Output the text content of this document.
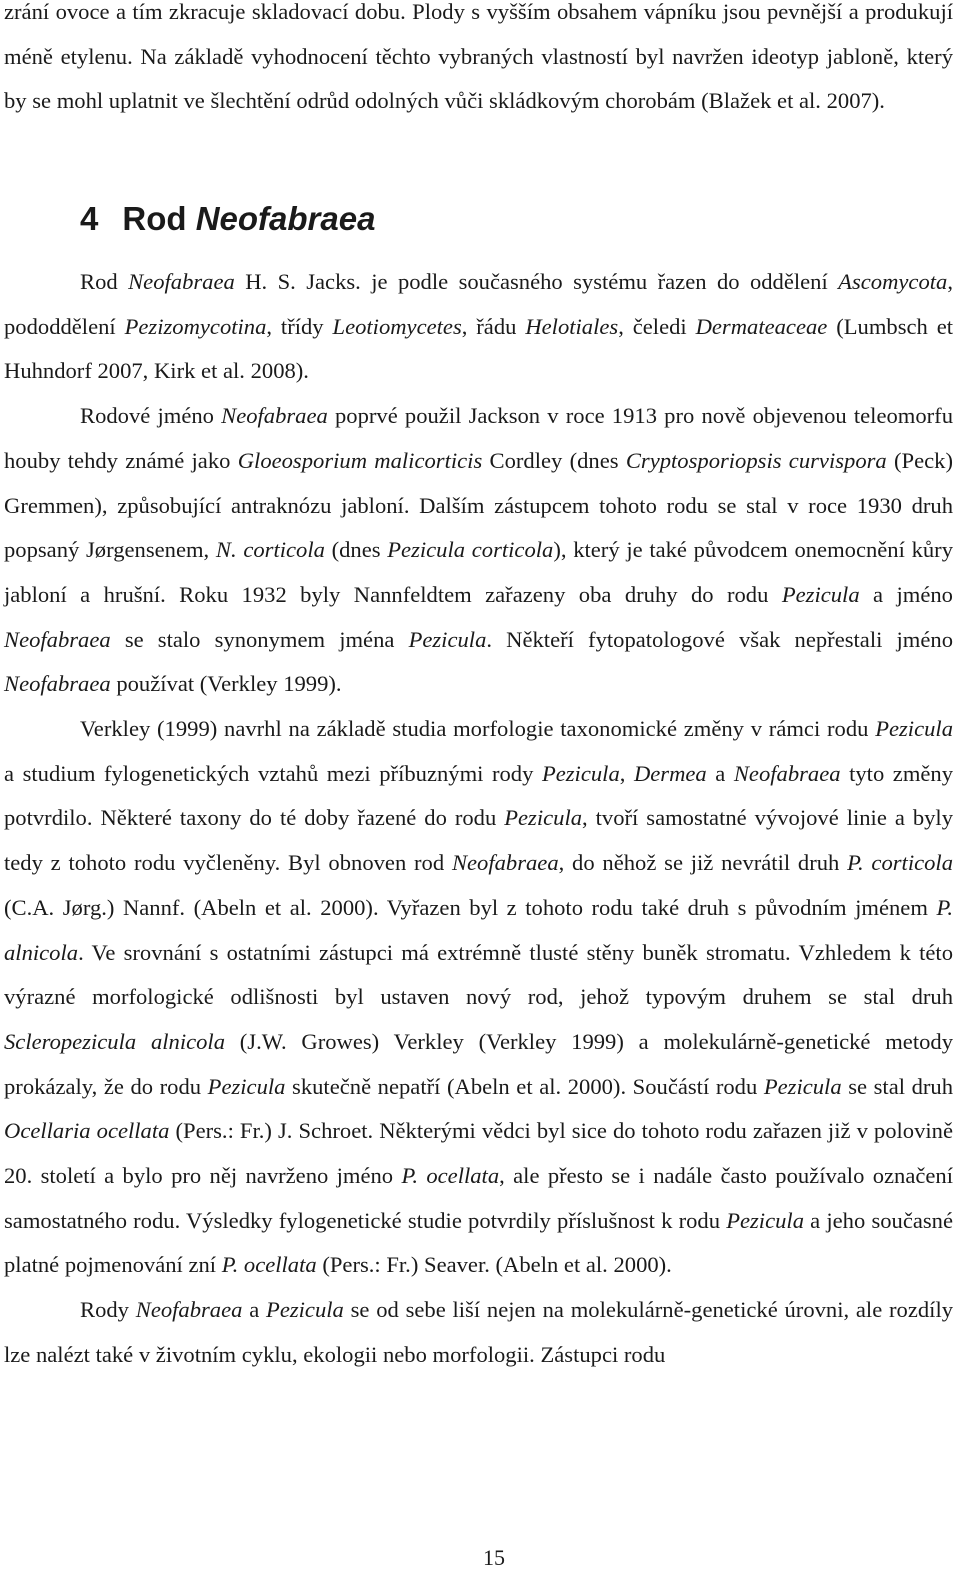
zrání ovoce a tím zkracuje skladovací dobu. Plody s vyšším obsahem vápníku jsou pevnější a produkují méně etylenu. Na základě vyhodnocení těchto vybraných vlastností byl navržen ideotyp jabloně, který by se mohl uplatnit ve šlechtění odrůd odolných vůči skládkovým chorobám (Blažek et al. 2007).

4 Rod Neofabraea

Rod Neofabraea H. S. Jacks. je podle současného systému řazen do oddělení Ascomycota, pododdělení Pezizomycotina, třídy Leotiomycetes, řádu Helotiales, čeledi Dermateaceae (Lumbsch et Huhndorf 2007, Kirk et al. 2008).

Rodové jméno Neofabraea poprvé použil Jackson v roce 1913 pro nově objevenou teleomorfu houby tehdy známé jako Gloeosporium malicorticis Cordley (dnes Cryptosporiopsis curvispora (Peck) Gremmen), způsobující antraknózu jabloní. Dalším zástupcem tohoto rodu se stal v roce 1930 druh popsaný Jørgensenem, N. corticola (dnes Pezicula corticola), který je také původcem onemocnění kůry jabloní a hrušní. Roku 1932 byly Nannfeldtem zařazeny oba druhy do rodu Pezicula a jméno Neofabraea se stalo synonymem jména Pezicula. Někteří fytopatologové však nepřestali jméno Neofabraea používat (Verkley 1999).

Verkley (1999) navrhl na základě studia morfologie taxonomické změny v rámci rodu Pezicula a studium fylogenetických vztahů mezi příbuznými rody Pezicula, Dermea a Neofabraea tyto změny potvrdilo. Některé taxony do té doby řazené do rodu Pezicula, tvoří samostatné vývojové linie a byly tedy z tohoto rodu vyčleněny. Byl obnoven rod Neofabraea, do něhož se již nevrátil druh P. corticola (C.A. Jørg.) Nannf. (Abeln et al. 2000). Vyřazen byl z tohoto rodu také druh s původním jménem P. alnicola. Ve srovnání s ostatními zástupci má extrémně tlusté stěny buněk stromatu. Vzhledem k této výrazné morfologické odlišnosti byl ustaven nový rod, jehož typovým druhem se stal druh Scleropezicula alnicola (J.W. Growes) Verkley (Verkley 1999) a molekulárně-genetické metody prokázaly, že do rodu Pezicula skutečně nepatří (Abeln et al. 2000). Součástí rodu Pezicula se stal druh Ocellaria ocellata (Pers.: Fr.) J. Schroet. Některými vědci byl sice do tohoto rodu zařazen již v polovině 20. století a bylo pro něj navrženo jméno P. ocellata, ale přesto se i nadále často používalo označení samostatného rodu. Výsledky fylogenetické studie potvrdily příslušnost k rodu Pezicula a jeho současné platné pojmenování zní P. ocellata (Pers.: Fr.) Seaver. (Abeln et al. 2000).

Rody Neofabraea a Pezicula se od sebe liší nejen na molekulárně-genetické úrovni, ale rozdíly lze nalézt také v životním cyklu, ekologii nebo morfologii. Zástupci rodu

15
